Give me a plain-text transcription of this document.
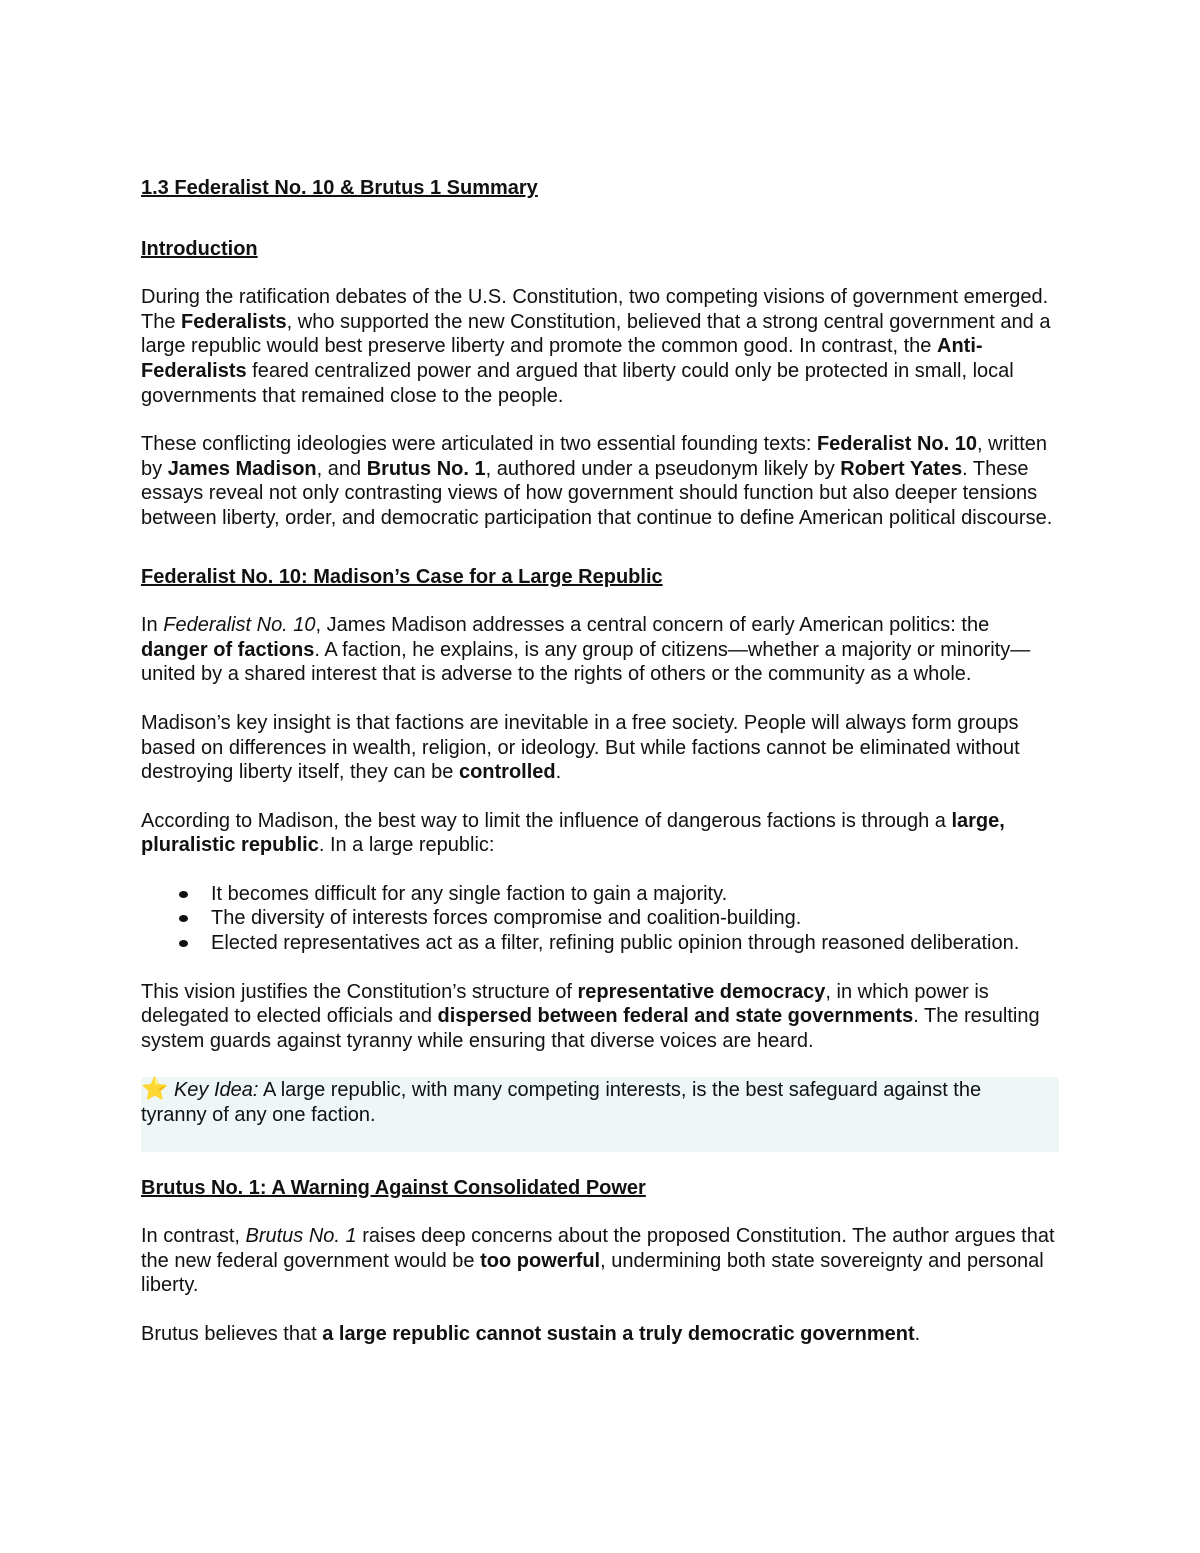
1.3 Federalist No. 10 & Brutus 1 Summary
Introduction

During the ratification debates of the U.S. Constitution, two competing visions of government emerged. The Federalists, who supported the new Constitution, believed that a strong central government and a large republic would best preserve liberty and promote the common good. In contrast, the Anti-Federalists feared centralized power and argued that liberty could only be protected in small, local governments that remained close to the people.

These conflicting ideologies were articulated in two essential founding texts: Federalist No. 10, written by James Madison, and Brutus No. 1, authored under a pseudonym likely by Robert Yates. These essays reveal not only contrasting views of how government should function but also deeper tensions between liberty, order, and democratic participation that continue to define American political discourse.

Federalist No. 10: Madison’s Case for a Large Republic

In Federalist No. 10, James Madison addresses a central concern of early American politics: the danger of factions. A faction, he explains, is any group of citizens—whether a majority or minority—united by a shared interest that is adverse to the rights of others or the community as a whole.

Madison’s key insight is that factions are inevitable in a free society. People will always form groups based on differences in wealth, religion, or ideology. But while factions cannot be eliminated without destroying liberty itself, they can be controlled.

According to Madison, the best way to limit the influence of dangerous factions is through a large, pluralistic republic. In a large republic:

It becomes difficult for any single faction to gain a majority.
The diversity of interests forces compromise and coalition-building.
Elected representatives act as a filter, refining public opinion through reasoned deliberation.

This vision justifies the Constitution’s structure of representative democracy, in which power is delegated to elected officials and dispersed between federal and state governments. The resulting system guards against tyranny while ensuring that diverse voices are heard.

⭐ Key Idea: A large republic, with many competing interests, is the best safeguard against the tyranny of any one faction.
Brutus No. 1: A Warning Against Consolidated Power

In contrast, Brutus No. 1 raises deep concerns about the proposed Constitution. The author argues that the new federal government would be too powerful, undermining both state sovereignty and personal liberty.

Brutus believes that a large republic cannot sustain a truly democratic government.
